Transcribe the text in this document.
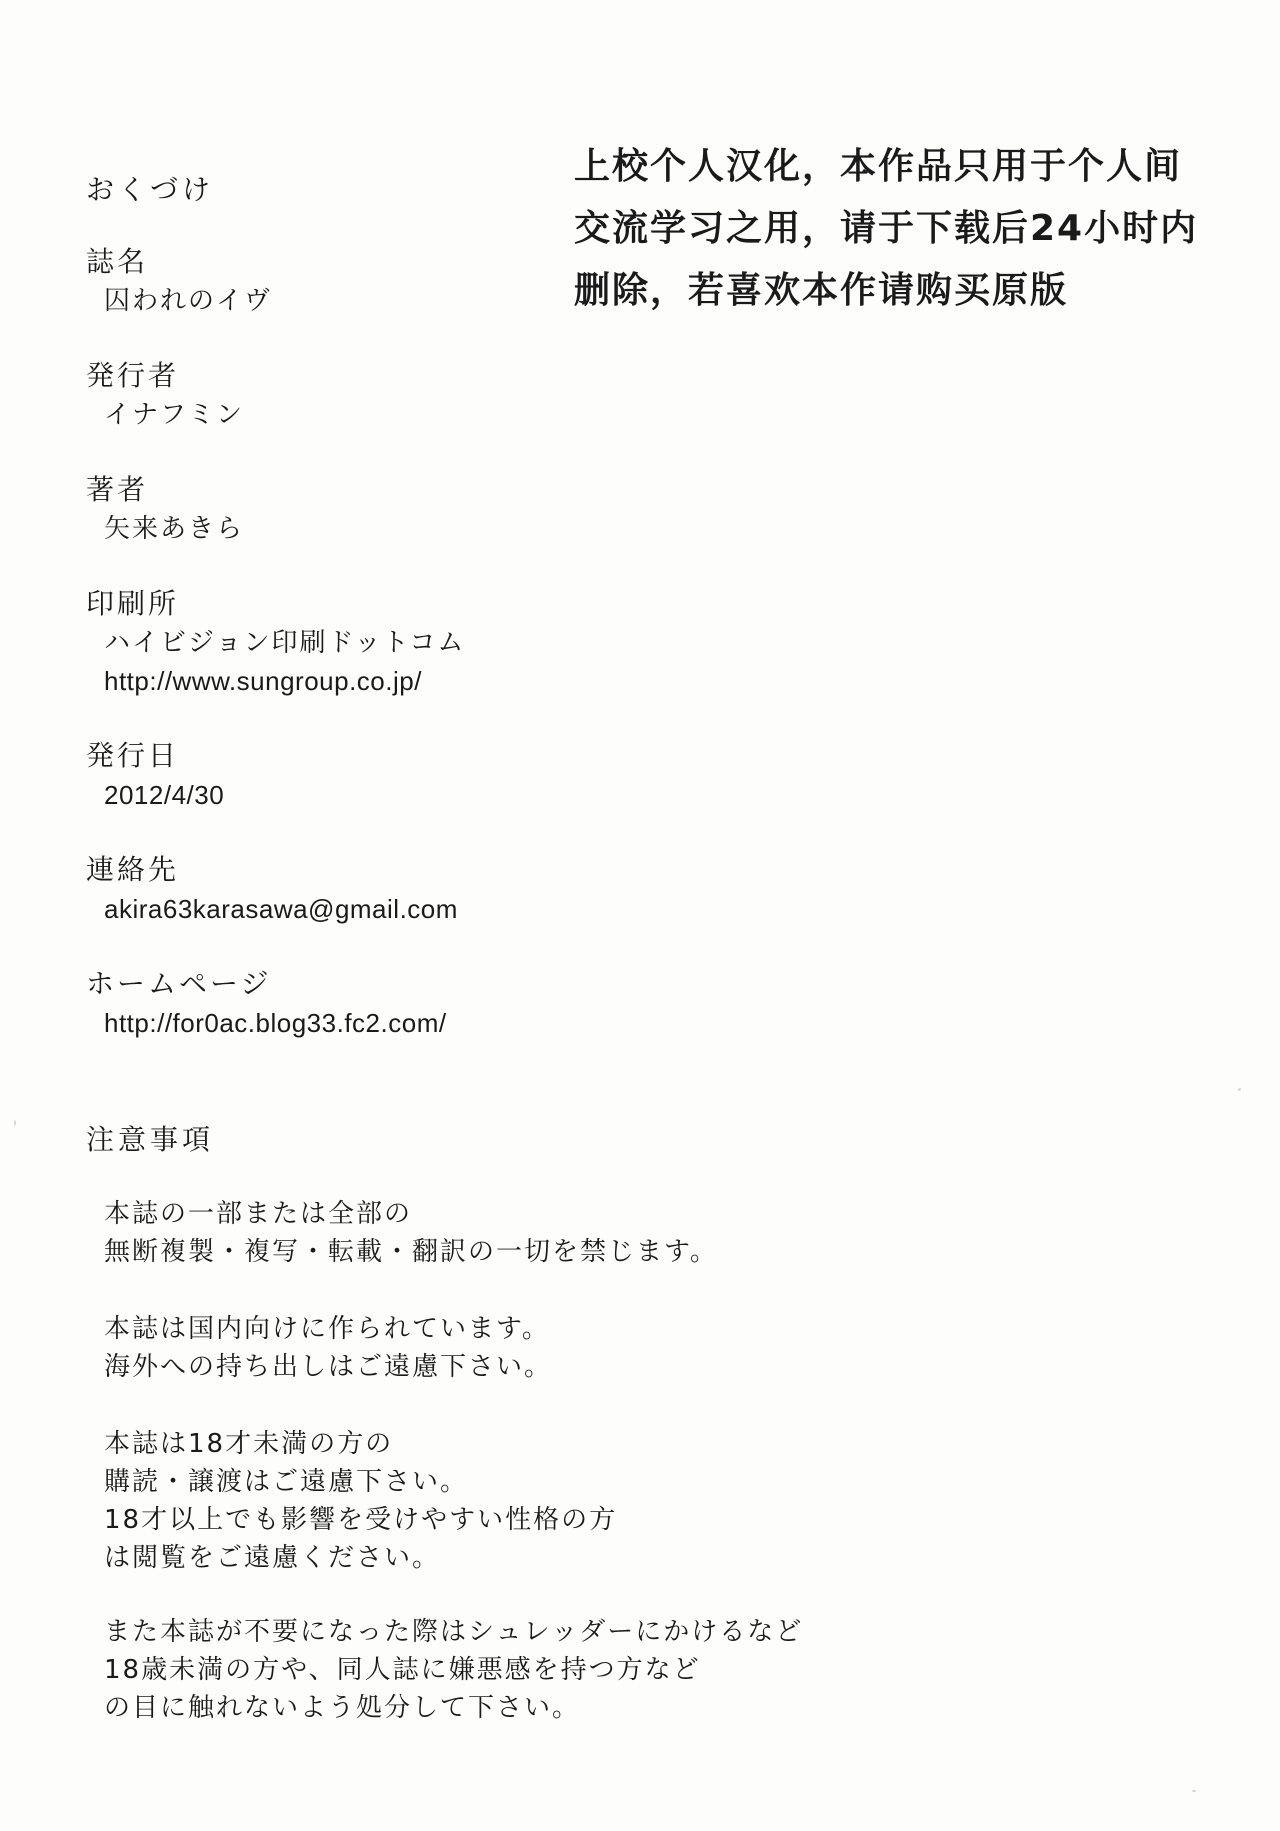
おくづけ
誌名
囚われのイヴ
発行者
イナフミン
著者
矢来あきら
印刷所
ハイビジョン印刷ドットコム
http://www.sungroup.co.jp/
発行日
2012/4/30
連絡先
akira63karasawa@gmail.com
ホームページ
http://for0ac.blog33.fc2.com/
注意事項
本誌の一部または全部の
無断複製・複写・転載・翻訳の一切を禁じます。
本誌は国内向けに作られています。
海外への持ち出しはご遠慮下さい。
本誌は18才未満の方の
購読・譲渡はご遠慮下さい。
18才以上でも影響を受けやすい性格の方
は閲覧をご遠慮ください。
また本誌が不要になった際はシュレッダーにかけるなど
18歳未満の方や、同人誌に嫌悪感を持つ方など
の目に触れないよう処分して下さい。
上校个人汉化，本作品只用于个人间
交流学习之用，请于下载后24小时内
删除，若喜欢本作请购买原版
